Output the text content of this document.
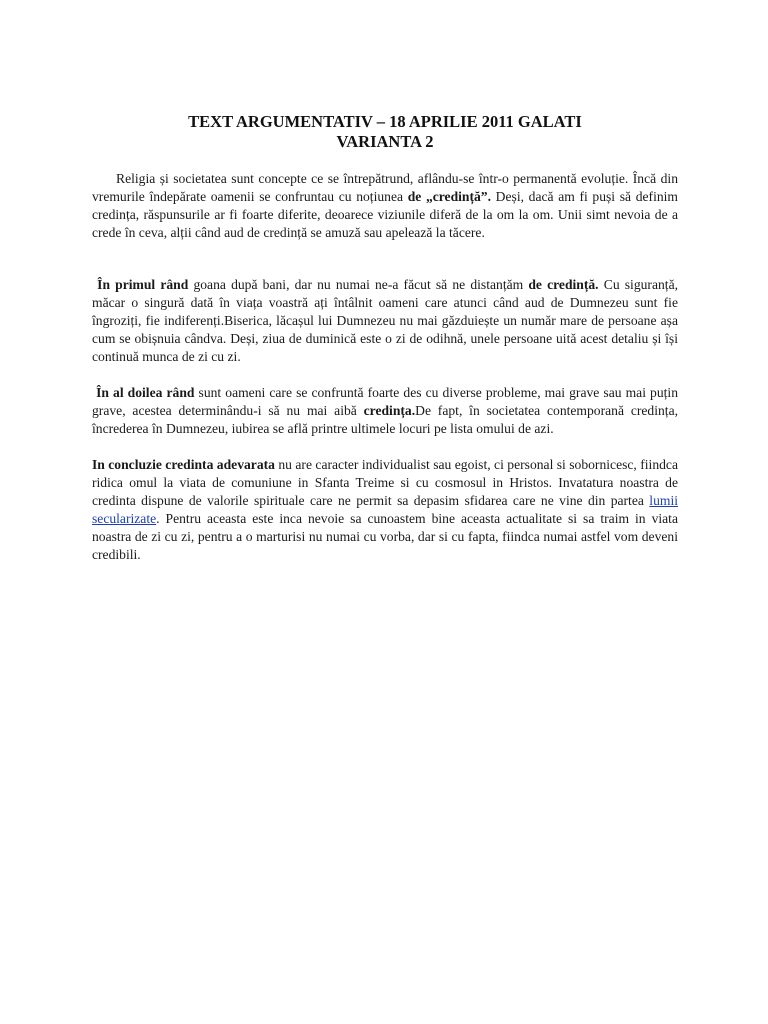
TEXT ARGUMENTATIV – 18 APRILIE 2011 GALATI
VARIANTA 2

Religia și societatea sunt concepte ce se întrepătrund, aflându-se într-o permanentă evoluție. Încă din vremurile îndepărate oamenii se confruntau cu noțiunea de „credință”. Deși, dacă am fi puși să definim credința, răspunsurile ar fi foarte diferite, deoarece viziunile diferă de la om la om. Unii simt nevoia de a crede în ceva, alții când aud de credință se amuză sau apelează la tăcere.

În primul rând goana după bani, dar nu numai ne-a făcut să ne distanțăm de credință. Cu siguranță, măcar o singură dată în viața voastră ați întâlnit oameni care atunci când aud de Dumnezeu sunt fie îngroziți, fie indiferenți.Biserica, lăcașul lui Dumnezeu nu mai găzduiește un număr mare de persoane așa cum se obișnuia cândva. Deși, ziua de duminică este o zi de odihnă, unele persoane uită acest detaliu și își continuă munca de zi cu zi.

În al doilea rând sunt oameni care se confruntă foarte des cu diverse probleme, mai grave sau mai puțin grave, acestea determinându-i să nu mai aibă credința.De fapt, în societatea contemporană credința, încrederea în Dumnezeu, iubirea se află printre ultimele locuri pe lista omului de azi.

In concluzie credinta adevarata nu are caracter individualist sau egoist, ci personal si sobornicesc, fiindca ridica omul la viata de comuniune in Sfanta Treime si cu cosmosul in Hristos. Invatatura noastra de credinta dispune de valorile spirituale care ne permit sa depasim sfidarea care ne vine din partea lumii secularizate. Pentru aceasta este inca nevoie sa cunoastem bine aceasta actualitate si sa traim in viata noastra de zi cu zi, pentru a o marturisi nu numai cu vorba, dar si cu fapta, fiindca numai astfel vom deveni credibili.
